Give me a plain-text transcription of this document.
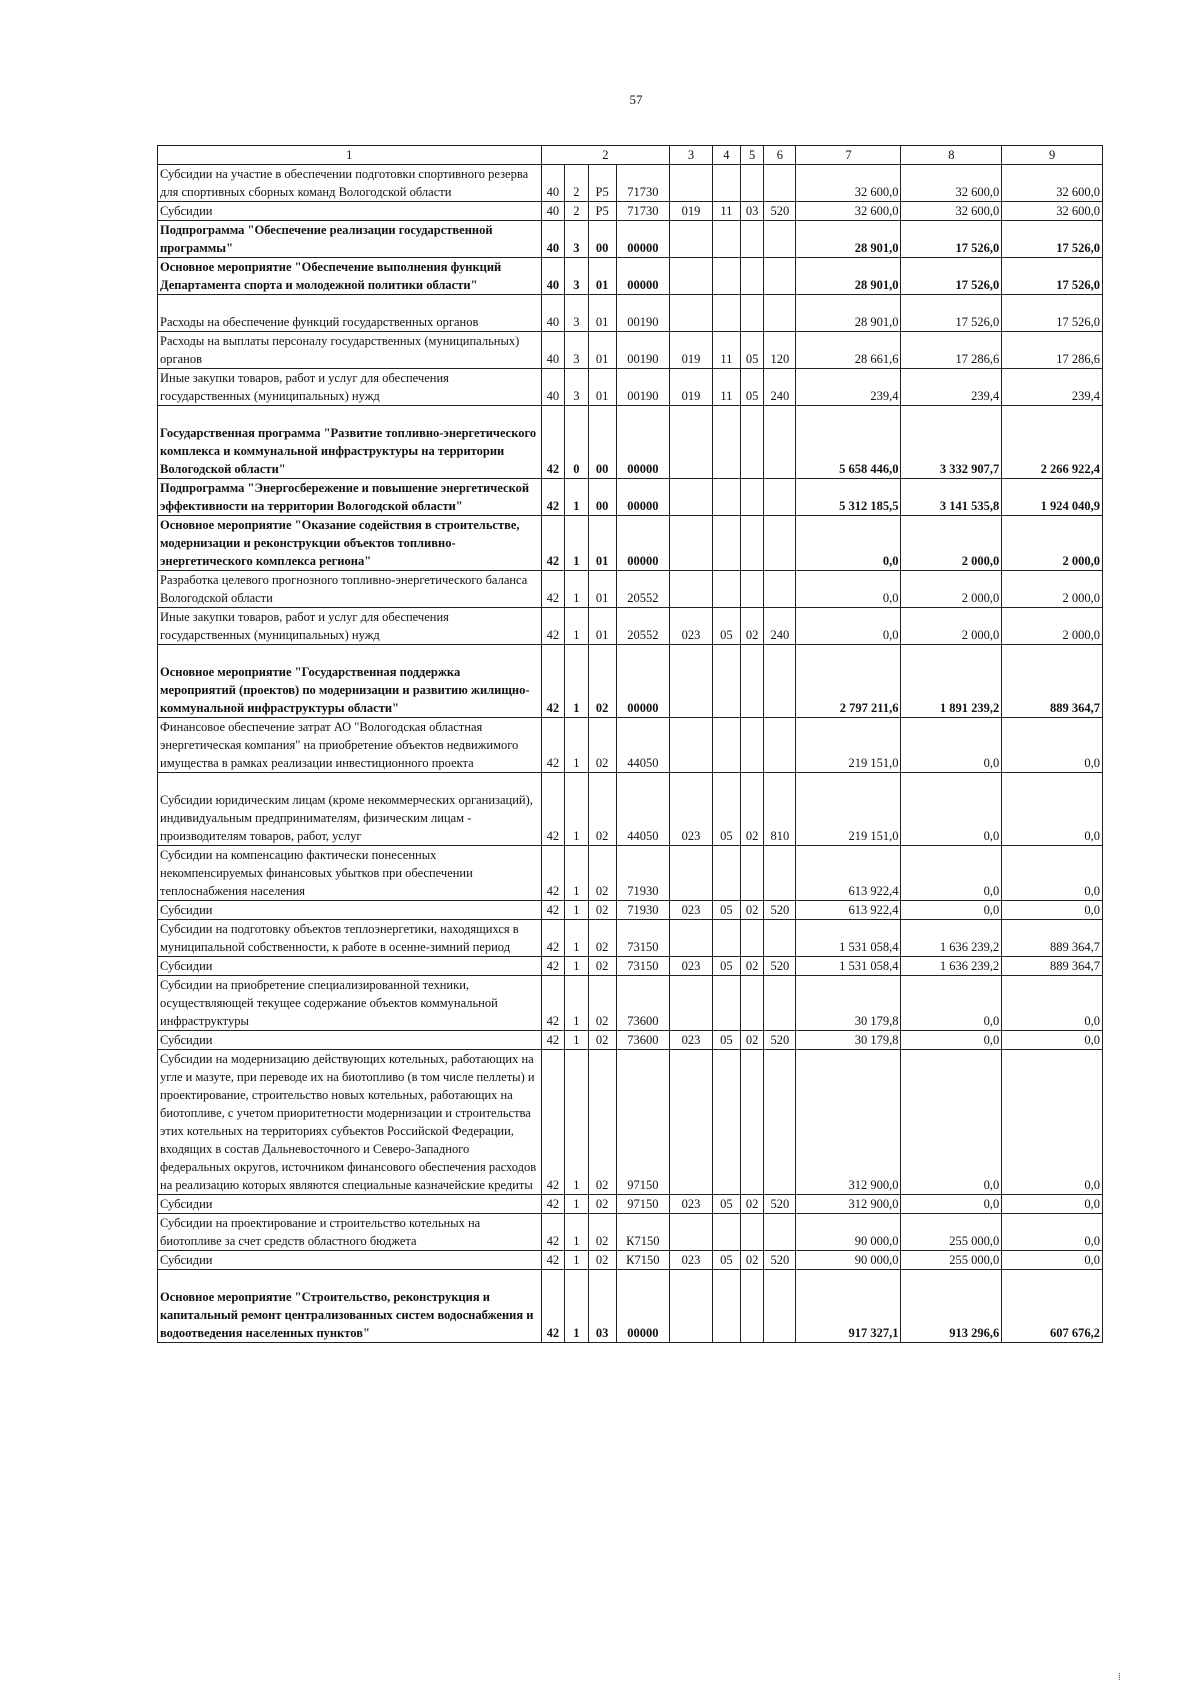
57
1	2				3	4	5	6	7	8	9
Субсидии на участие в обеспечении подготовки спортивного резерва для спортивных сборных команд Вологодской области	40	2	Р5	71730					32 600,0	32 600,0	32 600,0
Субсидии	40	2	Р5	71730	019	11	03	520	32 600,0	32 600,0	32 600,0
Подпрограмма "Обеспечение реализации государственной программы"	40	3	00	00000					28 901,0	17 526,0	17 526,0
Основное мероприятие "Обеспечение выполнения функций Департамента спорта и молодежной политики области"	40	3	01	00000					28 901,0	17 526,0	17 526,0

Расходы на обеспечение функций государственных органов	40	3	01	00190					28 901,0	17 526,0	17 526,0
Расходы на выплаты персоналу государственных (муниципальных) органов	40	3	01	00190	019	11	05	120	28 661,6	17 286,6	17 286,6
Иные закупки товаров, работ и услуг для обеспечения государственных (муниципальных) нужд	40	3	01	00190	019	11	05	240	239,4	239,4	239,4

Государственная программа "Развитие топливно-энергетического комплекса и коммунальной инфраструктуры на территории Вологодской области"	42	0	00	00000					5 658 446,0	3 332 907,7	2 266 922,4
Подпрограмма "Энергосбережение и повышение энергетической эффективности на территории Вологодской области"	42	1	00	00000					5 312 185,5	3 141 535,8	1 924 040,9
Основное мероприятие "Оказание содействия в строительстве, модернизации и реконструкции объектов топливно-энергетического комплекса региона"	42	1	01	00000					0,0	2 000,0	2 000,0
Разработка целевого прогнозного топливно-энергетического баланса Вологодской области	42	1	01	20552					0,0	2 000,0	2 000,0
Иные закупки товаров, работ и услуг для обеспечения государственных (муниципальных) нужд	42	1	01	20552	023	05	02	240	0,0	2 000,0	2 000,0

Основное мероприятие "Государственная поддержка мероприятий (проектов) по модернизации и развитию жилищно-коммунальной инфраструктуры области"	42	1	02	00000					2 797 211,6	1 891 239,2	889 364,7
Финансовое обеспечение затрат АО "Вологодская областная энергетическая компания" на приобретение объектов недвижимого имущества в рамках реализации инвестиционного проекта	42	1	02	44050					219 151,0	0,0	0,0

Субсидии юридическим лицам (кроме некоммерческих организаций), индивидуальным предпринимателям, физическим лицам - производителям товаров, работ, услуг	42	1	02	44050	023	05	02	810	219 151,0	0,0	0,0
Субсидии на компенсацию фактически понесенных некомпенсируемых финансовых убытков при обеспечении теплоснабжения населения	42	1	02	71930					613 922,4	0,0	0,0
Субсидии	42	1	02	71930	023	05	02	520	613 922,4	0,0	0,0
Субсидии на подготовку объектов теплоэнергетики, находящихся в муниципальной собственности, к работе в осенне-зимний период	42	1	02	73150					1 531 058,4	1 636 239,2	889 364,7
Субсидии	42	1	02	73150	023	05	02	520	1 531 058,4	1 636 239,2	889 364,7
Субсидии на приобретение специализированной техники, осуществляющей текущее содержание объектов коммунальной инфраструктуры	42	1	02	73600					30 179,8	0,0	0,0
Субсидии	42	1	02	73600	023	05	02	520	30 179,8	0,0	0,0
Субсидии на модернизацию действующих котельных, работающих на угле и мазуте, при переводе их на биотопливо (в том числе пеллеты) и проектирование, строительство новых котельных, работающих на биотопливе, с учетом приоритетности модернизации и строительства этих котельных на территориях субъектов Российской Федерации, входящих в состав Дальневосточного и Северо-Западного федеральных округов, источником финансового обеспечения расходов на реализацию которых являются специальные казначейские кредиты	42	1	02	97150					312 900,0	0,0	0,0
Субсидии	42	1	02	97150	023	05	02	520	312 900,0	0,0	0,0
Субсидии на проектирование и строительство котельных на биотопливе за счет средств областного бюджета	42	1	02	К7150					90 000,0	255 000,0	0,0
Субсидии	42	1	02	К7150	023	05	02	520	90 000,0	255 000,0	0,0

Основное мероприятие "Строительство, реконструкция и капитальный ремонт централизованных систем водоснабжения и водоотведения населенных пунктов"	42	1	03	00000					917 327,1	913 296,6	607 676,2
⁞
